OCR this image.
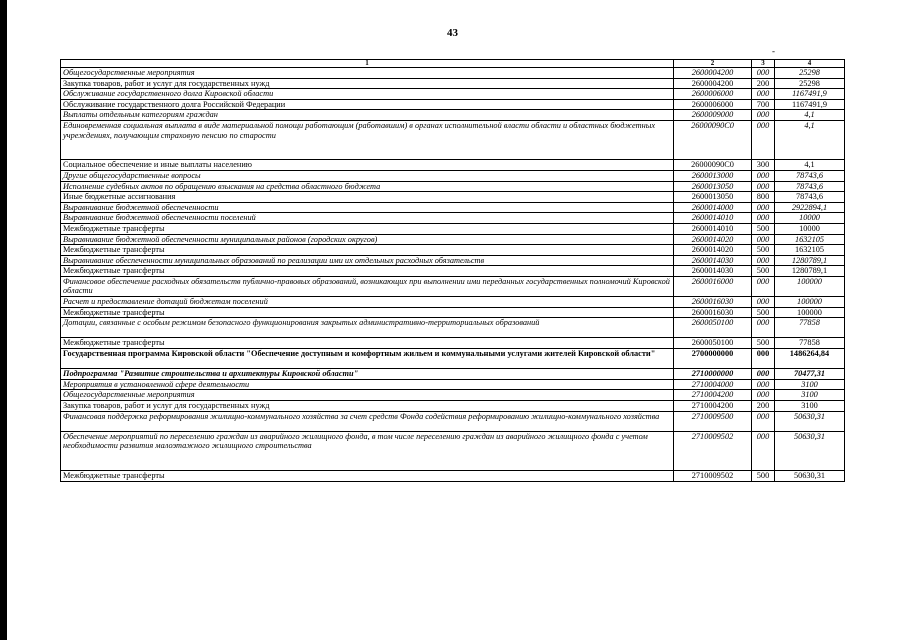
43
-
1	2	3	4
Общегосударственные мероприятия	2600004200	000	25298
Закупка товаров, работ и услуг для государственных нужд	2600004200	200	25298
Обслуживание государственного долга Кировской области	2600006000	000	1167491,9
Обслуживание государственного долга Российской Федерации	2600006000	700	1167491,9
Выплаты отдельным категориям граждан	2600009000	000	4,1
Единовременная социальная выплата в виде материальной помощи работающим (работавшим) в органах исполнительной власти области и областных бюджетных учреждениях, получающим страховую пенсию по старости	26000090С0	000	4,1
Социальное обеспечение и иные выплаты населению	26000090С0	300	4,1
Другие общегосударственные вопросы	2600013000	000	78743,6
Исполнение судебных актов по обращению взыскания на средства областного бюджета	2600013050	000	78743,6
Иные бюджетные ассигнования	2600013050	800	78743,6
Выравнивание бюджетной обеспеченности	2600014000	000	2922894,1
Выравнивание бюджетной обеспеченности поселений	2600014010	000	10000
Межбюджетные трансферты	2600014010	500	10000
Выравнивание бюджетной обеспеченности муниципальных районов (городских округов)	2600014020	000	1632105
Межбюджетные трансферты	2600014020	500	1632105
Выравнивание обеспеченности муниципальных образований по реализации ими их отдельных расходных обязательств	2600014030	000	1280789,1
Межбюджетные трансферты	2600014030	500	1280789,1
Финансовое обеспечение расходных обязательств публично-правовых образований, возникающих при выполнении ими переданных государственных полномочий Кировской области	2600016000	000	100000
Расчет и предоставление дотаций бюджетам поселений	2600016030	000	100000
Межбюджетные трансферты	2600016030	500	100000
Дотации, связанные с особым режимом безопасного функционирования закрытых административно-территориальных образований	2600050100	000	77858
Межбюджетные трансферты	2600050100	500	77858
Государственная программа Кировской области "Обеспечение доступным и комфортным жильем и коммунальными услугами жителей Кировской области"	2700000000	000	1486264,84
Подпрограмма "Развитие строительства и архитектуры Кировской области"	2710000000	000	70477,31
Мероприятия в установленной сфере деятельности	2710004000	000	3100
Общегосударственные мероприятия	2710004200	000	3100
Закупка товаров, работ и услуг для государственных нужд	2710004200	200	3100
Финансовая поддержка реформирования жилищно-коммунального хозяйства за счет средств Фонда содействия реформированию жилищно-коммунального хозяйства	2710009500	000	50630,31
Обеспечение мероприятий по переселению граждан из аварийного жилищного фонда, в том числе переселению граждан из аварийного жилищного фонда с учетом необходимости развития малоэтажного жилищного строительства	2710009502	000	50630,31
Межбюджетные трансферты	2710009502	500	50630,31
